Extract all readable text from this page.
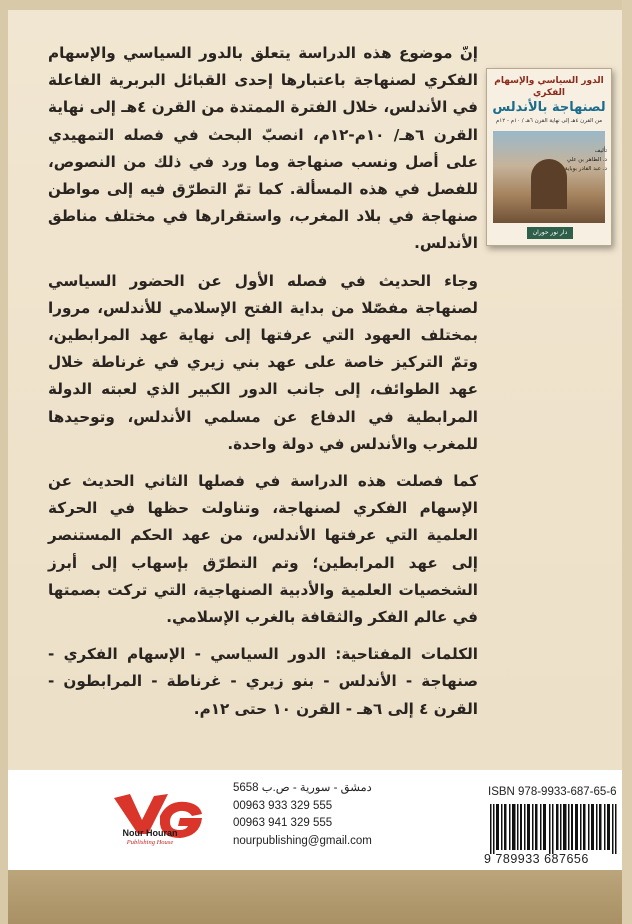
إنّ موضوع هذه الدراسة يتعلق بالدور السياسي والإسهام الفكري لصنهاجة باعتبارها إحدى القبائل البربرية الفاعلة في الأندلس، خلال الفترة الممتدة من القرن ٤هـ إلى نهاية القرن ٦هـ/ ١٠م-١٢م، انصبّ البحث في فصله التمهيدي على أصل ونسب صنهاجة وما ورد في ذلك من النصوص، للفصل في هذه المسألة. كما تمّ التطرّق فيه إلى مواطن صنهاجة في بلاد المغرب، واستقرارها في مختلف مناطق الأندلس.

وجاء الحديث في فصله الأول عن الحضور السياسي لصنهاجة مفصّلا من بداية الفتح الإسلامي للأندلس، مرورا بمختلف العهود التي عرفتها إلى نهاية عهد المرابطين، وتمّ التركيز خاصة على عهد بني زيري في غرناطة خلال عهد الطوائف، إلى جانب الدور الكبير الذي لعبته الدولة المرابطية في الدفاع عن مسلمي الأندلس، وتوحيدها للمغرب والأندلس في دولة واحدة.

كما فصلت هذه الدراسة في فصلها الثاني الحديث عن الإسهام الفكري لصنهاجة، وتناولت حظها في الحركة العلمية التي عرفتها الأندلس، من عهد الحكم المستنصر إلى عهد المرابطين؛ وتم التطرّق بإسهاب إلى أبرز الشخصيات العلمية والأدبية الصنهاجية، التي تركت بصمتها في عالم الفكر والثقافة بالغرب الإسلامي.

الكلمات المفتاحية: الدور السياسي - الإسهام الفكري - صنهاجة - الأندلس - بنو زيري - غرناطة - المرابطون - القرن ٤ إلى ٦هـ - القرن ١٠ حتى ١٢م.

الدور السياسي والإسهام الفكري
لصنهاجة بالأندلس
من القرن ٤هـ إلى نهاية القرن ٦هـ / ١٠م - ١٢م
تأليف
د. الطاهر بن علي
د. عبد القادر بوباية
دار نور حوران
Nour Houran
Publishing House
دمشق - سورية - ص.ب 5658
00963 933 329 555
00963 941 329 555
nourpublishing@gmail.com
ISBN 978-9933-687-65-6
9 789933 687656
